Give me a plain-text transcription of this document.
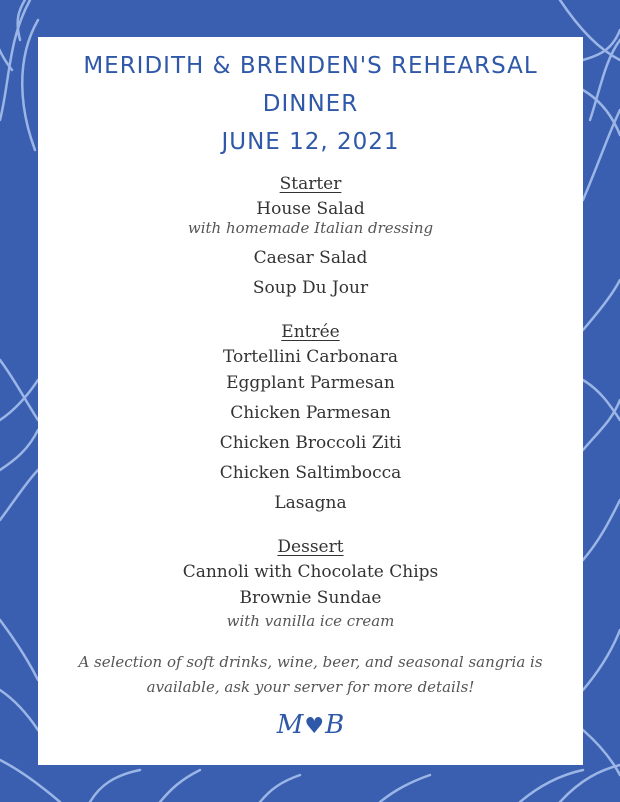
MERIDITH & BRENDEN'S REHEARSAL DINNER
JUNE 12, 2021
Starter
House Salad
with homemade Italian dressing
Caesar Salad
Soup Du Jour
Entrée
Tortellini Carbonara
Eggplant Parmesan
Chicken Parmesan
Chicken Broccoli Ziti
Chicken Saltimbocca
Lasagna
Dessert
Cannoli with Chocolate Chips
Brownie Sundae
with vanilla ice cream
A selection of soft drinks, wine, beer, and seasonal sangria is available, ask your server for more details!
M♥B
